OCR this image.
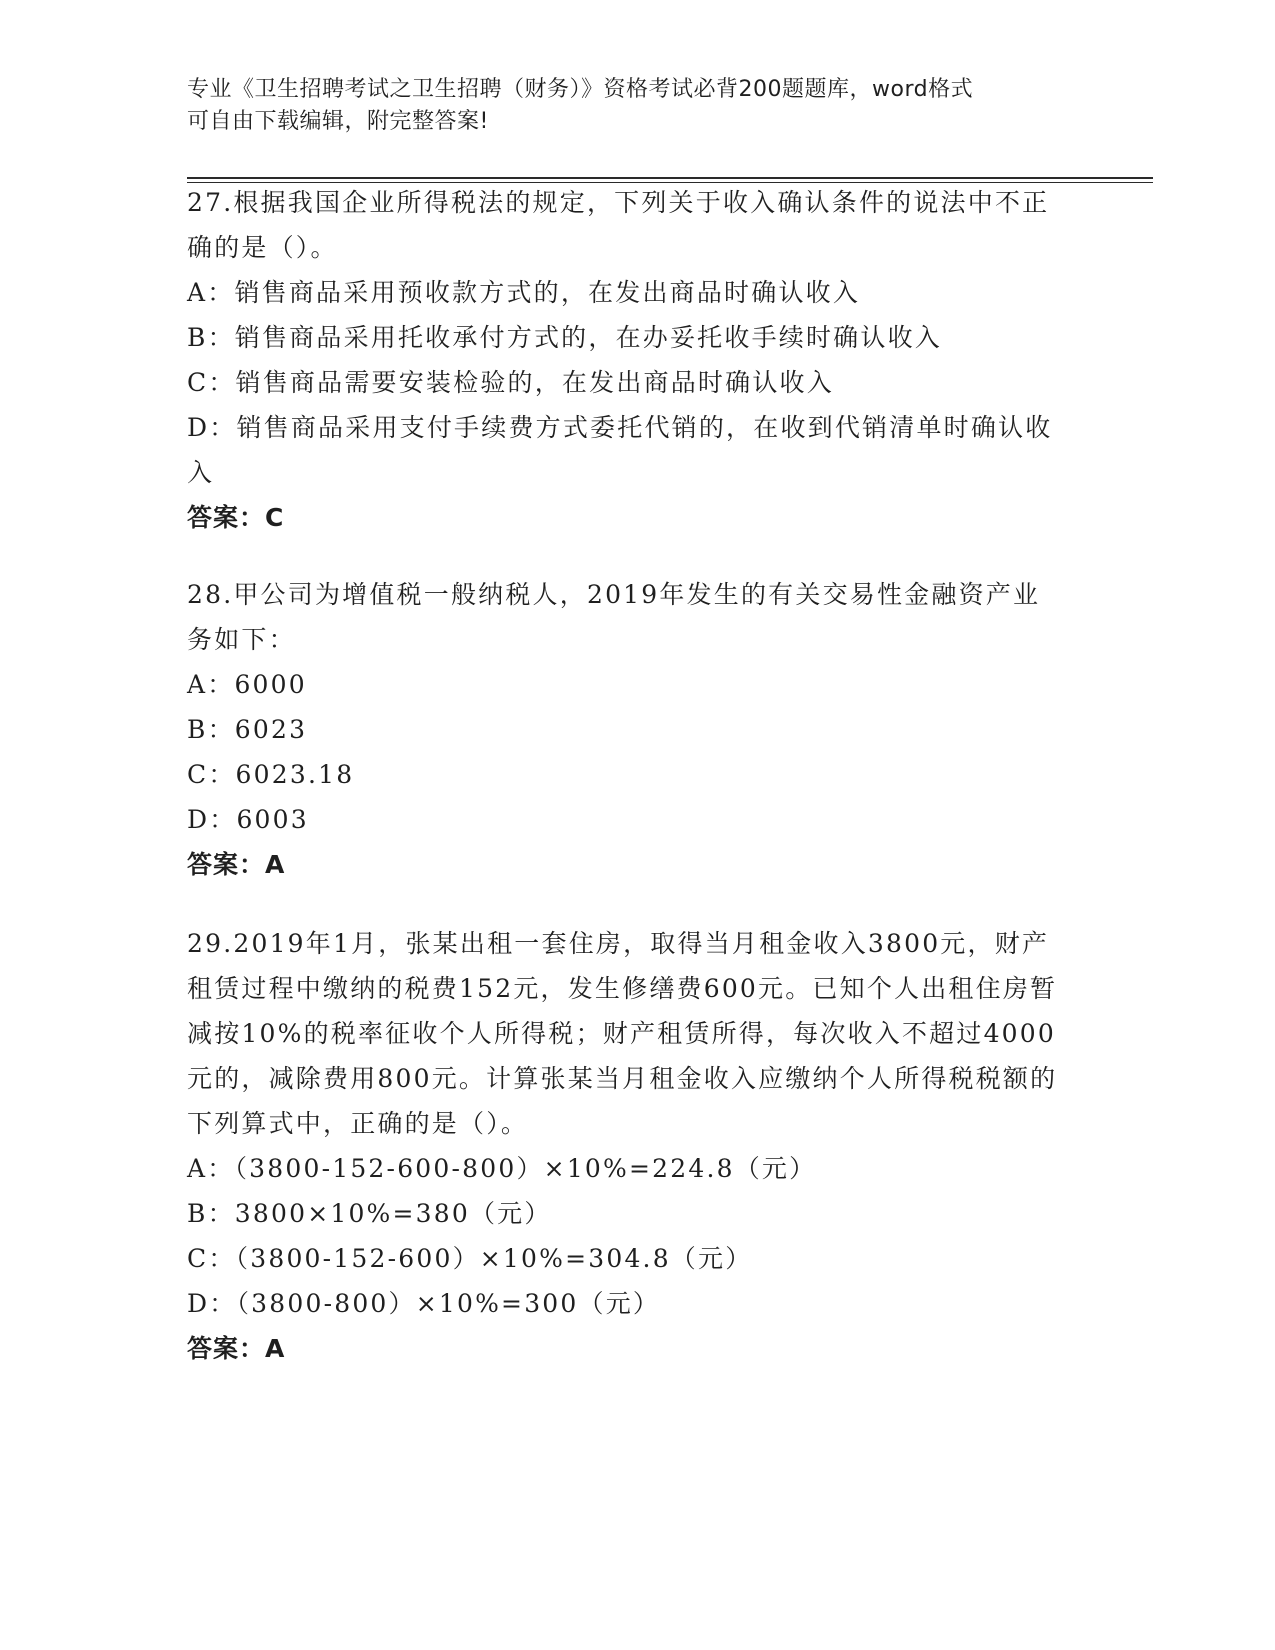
专业《卫生招聘考试之卫生招聘（财务）》资格考试必背200题题库，word格式
可自由下载编辑，附完整答案!

27.根据我国企业所得税法的规定，下列关于收入确认条件的说法中不正确的是（）。

A：销售商品采用预收款方式的，在发出商品时确认收入

B：销售商品采用托收承付方式的，在办妥托收手续时确认收入

C：销售商品需要安装检验的，在发出商品时确认收入

D：销售商品采用支付手续费方式委托代销的，在收到代销清单时确认收入

答案：C

28.甲公司为增值税一般纳税人，2019年发生的有关交易性金融资产业务如下：

A：6000

B：6023

C：6023.18

D：6003

答案：A

29.2019年1月，张某出租一套住房，取得当月租金收入3800元，财产租赁过程中缴纳的税费152元，发生修缮费600元。已知个人出租住房暂减按10%的税率征收个人所得税；财产租赁所得，每次收入不超过4000元的，减除费用800元。计算张某当月租金收入应缴纳个人所得税税额的下列算式中，正确的是（）。

A：（3800-152-600-800）×10%=224.8（元）

B：3800×10%=380（元）

C：（3800-152-600）×10%=304.8（元）

D：（3800-800）×10%=300（元）

答案：A
